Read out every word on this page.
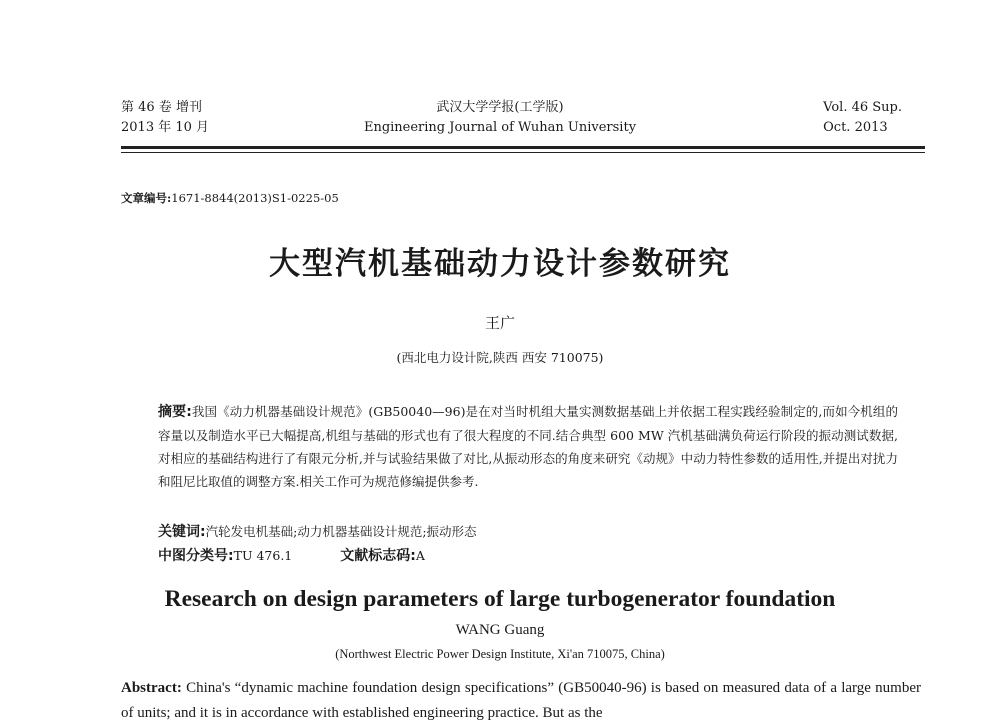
第 46 卷 增刊
2013 年 10 月
武汉大学学报(工学版)
Engineering Journal of Wuhan University
Vol. 46 Sup.
Oct. 2013
文章编号:1671-8844(2013)S1-0225-05
大型汽机基础动力设计参数研究
王广
(西北电力设计院,陕西 西安 710075)
摘要:我国《动力机器基础设计规范》(GB50040—96)是在对当时机组大量实测数据基础上并依据工程实践经验制定的,而如今机组的容量以及制造水平已大幅提高,机组与基础的形式也有了很大程度的不同.结合典型 600 MW 汽机基础满负荷运行阶段的振动测试数据,对相应的基础结构进行了有限元分析,并与试验结果做了对比,从振动形态的角度来研究《动规》中动力特性参数的适用性,并提出对扰力和阻尼比取值的调整方案.相关工作可为规范修编提供参考.
关键词:汽轮发电机基础;动力机器基础设计规范;振动形态
中图分类号:TU 476.1	文献标志码:A
Research on design parameters of large turbogenerator foundation
WANG Guang
(Northwest Electric Power Design Institute, Xi'an 710075, China)
Abstract: China's “dynamic machine foundation design specifications” (GB50040-96) is based on measured data of a large number of units; and it is in accordance with established engineering practice. But as the
